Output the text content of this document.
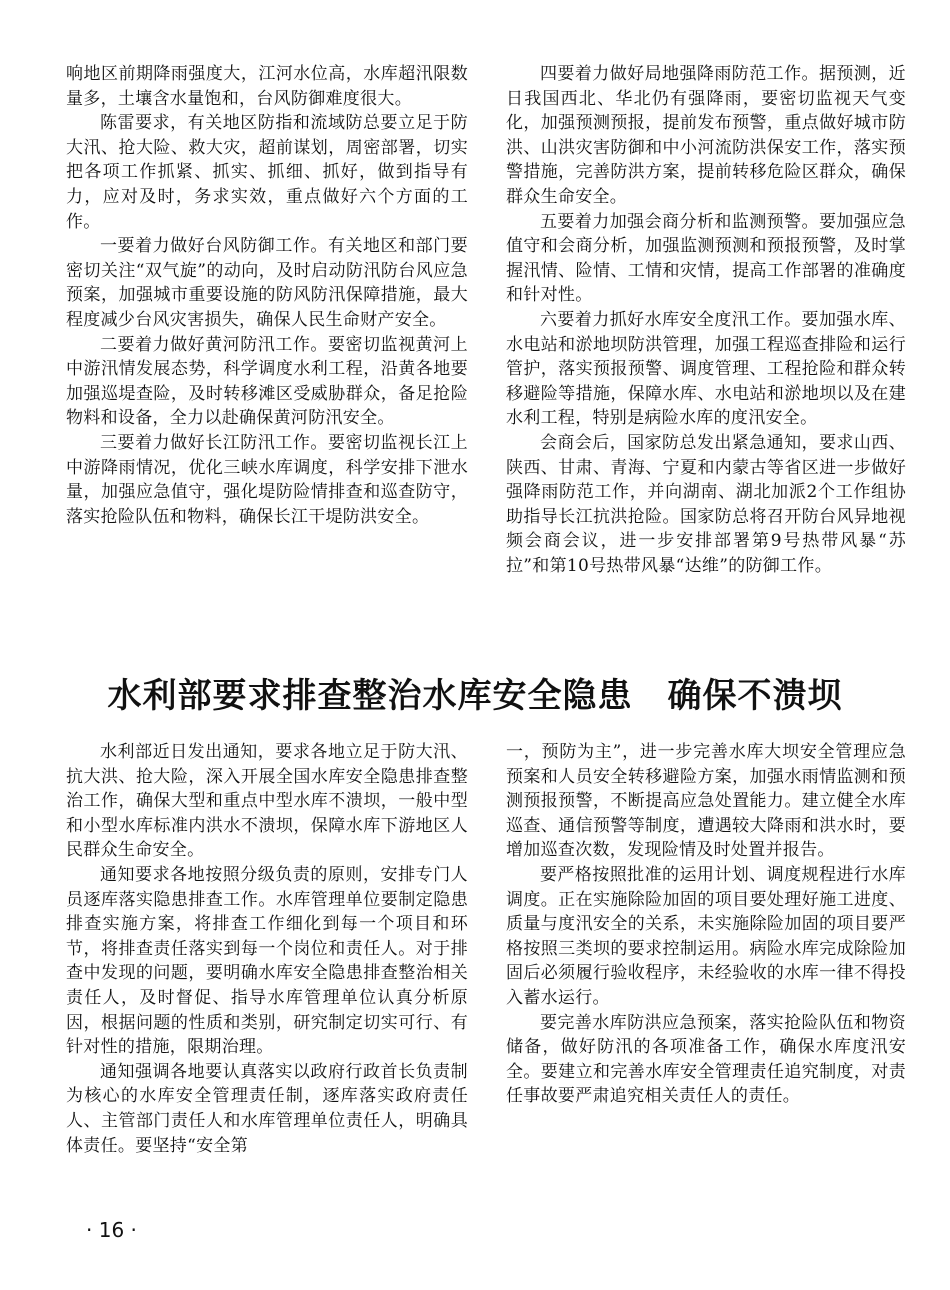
响地区前期降雨强度大，江河水位高，水库超汛限数量多，土壤含水量饱和，台风防御难度很大。

陈雷要求，有关地区防指和流域防总要立足于防大汛、抢大险、救大灾，超前谋划，周密部署，切实把各项工作抓紧、抓实、抓细、抓好，做到指导有力，应对及时，务求实效，重点做好六个方面的工作。

一要着力做好台风防御工作。有关地区和部门要密切关注“双气旋”的动向，及时启动防汛防台风应急预案，加强城市重要设施的防风防汛保障措施，最大程度减少台风灾害损失，确保人民生命财产安全。

二要着力做好黄河防汛工作。要密切监视黄河上中游汛情发展态势，科学调度水利工程，沿黄各地要加强巡堤查险，及时转移滩区受威胁群众，备足抢险物料和设备，全力以赴确保黄河防汛安全。

三要着力做好长江防汛工作。要密切监视长江上中游降雨情况，优化三峡水库调度，科学安排下泄水量，加强应急值守，强化堤防险情排查和巡查防守，落实抢险队伍和物料，确保长江干堤防洪安全。

四要着力做好局地强降雨防范工作。据预测，近日我国西北、华北仍有强降雨，要密切监视天气变化，加强预测预报，提前发布预警，重点做好城市防洪、山洪灾害防御和中小河流防洪保安工作，落实预警措施，完善防洪方案，提前转移危险区群众，确保群众生命安全。

五要着力加强会商分析和监测预警。要加强应急值守和会商分析，加强监测预测和预报预警，及时掌握汛情、险情、工情和灾情，提高工作部署的准确度和针对性。

六要着力抓好水库安全度汛工作。要加强水库、水电站和淤地坝防洪管理，加强工程巡查排险和运行管护，落实预报预警、调度管理、工程抢险和群众转移避险等措施，保障水库、水电站和淤地坝以及在建水利工程，特别是病险水库的度汛安全。

会商会后，国家防总发出紧急通知，要求山西、陕西、甘肃、青海、宁夏和内蒙古等省区进一步做好强降雨防范工作，并向湖南、湖北加派2个工作组协助指导长江抗洪抢险。国家防总将召开防台风异地视频会商会议，进一步安排部署第9号热带风暴“苏拉”和第10号热带风暴“达维”的防御工作。

水利部要求排查整治水库安全隐患　确保不溃坝

水利部近日发出通知，要求各地立足于防大汛、抗大洪、抢大险，深入开展全国水库安全隐患排查整治工作，确保大型和重点中型水库不溃坝，一般中型和小型水库标准内洪水不溃坝，保障水库下游地区人民群众生命安全。

通知要求各地按照分级负责的原则，安排专门人员逐库落实隐患排查工作。水库管理单位要制定隐患排查实施方案，将排查工作细化到每一个项目和环节，将排查责任落实到每一个岗位和责任人。对于排查中发现的问题，要明确水库安全隐患排查整治相关责任人，及时督促、指导水库管理单位认真分析原因，根据问题的性质和类别，研究制定切实可行、有针对性的措施，限期治理。

通知强调各地要认真落实以政府行政首长负责制为核心的水库安全管理责任制，逐库落实政府责任人、主管部门责任人和水库管理单位责任人，明确具体责任。要坚持“安全第

一，预防为主”，进一步完善水库大坝安全管理应急预案和人员安全转移避险方案，加强水雨情监测和预测预报预警，不断提高应急处置能力。建立健全水库巡查、通信预警等制度，遭遇较大降雨和洪水时，要增加巡查次数，发现险情及时处置并报告。

要严格按照批准的运用计划、调度规程进行水库调度。正在实施除险加固的项目要处理好施工进度、质量与度汛安全的关系，未实施除险加固的项目要严格按照三类坝的要求控制运用。病险水库完成除险加固后必须履行验收程序，未经验收的水库一律不得投入蓄水运行。

要完善水库防洪应急预案，落实抢险队伍和物资储备，做好防汛的各项准备工作，确保水库度汛安全。要建立和完善水库安全管理责任追究制度，对责任事故要严肃追究相关责任人的责任。

· 16 ·
